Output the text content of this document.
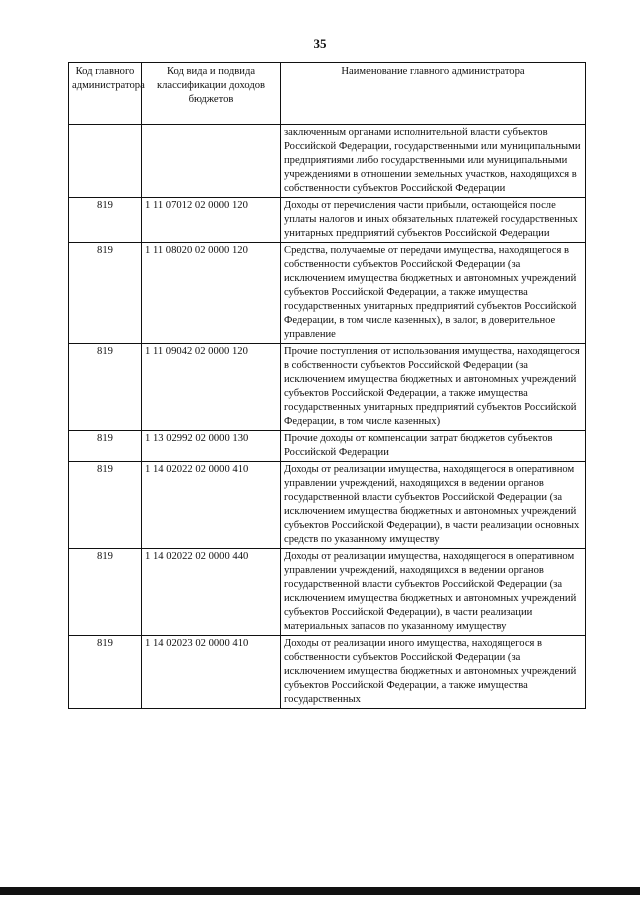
35
Код главного администратора	Код вида и подвида классификации доходов бюджетов	Наименование главного администратора
		заключенным органами исполнительной власти субъектов Российской Федерации, государственными или муниципальными предприятиями либо государственными или муниципальными учреждениями в отношении земельных участков, находящихся в собственности субъектов Российской Федерации
819	1 11 07012 02 0000 120	Доходы от перечисления части прибыли, остающейся после уплаты налогов и иных обязательных платежей государственных унитарных предприятий субъектов Российской Федерации
819	1 11 08020 02 0000 120	Средства, получаемые от передачи имущества, находящегося в собственности субъектов Российской Федерации (за исключением имущества бюджетных и автономных учреждений субъектов Российской Федерации, а также имущества государственных унитарных предприятий субъектов Российской Федерации, в том числе казенных), в залог, в доверительное управление
819	1 11 09042 02 0000 120	Прочие поступления от использования имущества, находящегося в собственности субъектов Российской Федерации (за исключением имущества бюджетных и автономных учреждений субъектов Российской Федерации, а также имущества государственных унитарных предприятий субъектов Российской Федерации, в том числе казенных)
819	1 13 02992 02 0000 130	Прочие доходы от компенсации затрат бюджетов субъектов Российской Федерации
819	1 14 02022 02 0000 410	Доходы от реализации имущества, находящегося в оперативном управлении учреждений, находящихся в ведении органов государственной власти субъектов Российской Федерации (за исключением имущества бюджетных и автономных учреждений субъектов Российской Федерации), в части реализации основных средств по указанному имуществу
819	1 14 02022 02 0000 440	Доходы от реализации имущества, находящегося в оперативном управлении учреждений, находящихся в ведении органов государственной власти субъектов Российской Федерации (за исключением имущества бюджетных и автономных учреждений субъектов Российской Федерации), в части реализации материальных запасов по указанному имуществу
819	1 14 02023 02 0000 410	Доходы от реализации иного имущества, находящегося в собственности субъектов Российской Федерации (за исключением имущества бюджетных и автономных учреждений субъектов Российской Федерации, а также имущества государственных
